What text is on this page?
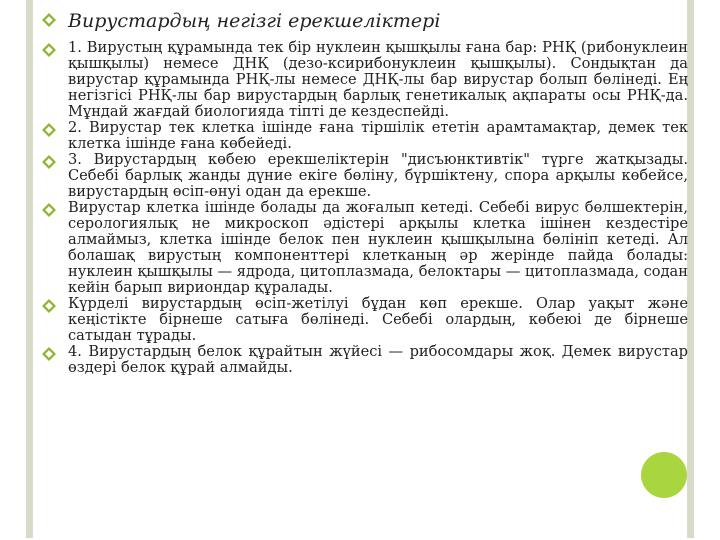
Вирустардың негізгі ерекшеліктері
1. Вирустың құрамында тек бір нуклеин қышқылы ғана бар: РНҚ (рибонуклеин қышқылы) немесе ДНҚ (дезо-ксирибонуклеин қышқылы). Сондықтан да вирустар құрамында РНҚ-лы немесе ДНҚ-лы бар вирустар болып бөлінеді. Ең негізгісі РНҚ-лы бар вирустардың барлық генетикалық ақпараты осы РНҚ-да. Мұндай жағдай биологияда тіпті де кездеспейді.
2. Вирустар тек клетка ішінде ғана тіршілік ететін арамтамақтар, демек тек клетка ішінде ғана көбейеді.
3. Вирустардың көбею ерекшеліктерін "дисъюнктивтік" түрге жатқызады. Себебі барлық жанды дүние екіге бөліну, бүршіктену, спора арқылы көбейсе, вирустардың өсіп-өнуі одан да ерекше.
Вирустар клетка ішінде болады да жоғалып кетеді. Себебі вирус бөлшектерін, серологиялық не микроскоп әдістері арқылы клетка ішінен кездестіре алмаймыз, клетка ішінде белок пен нуклеин қышқылына бөлініп кетеді. Ал болашақ вирустың компоненттері клетканың әр жерінде пайда болады: нуклеин қышқылы — ядрода, цитоплазмада, белоктары — цитоплазмада, содан кейін барып вириондар құралады.
Күрделі вирустардың өсіп-жетілуі бұдан көп ерекше. Олар уақыт және кеңістікте бірнеше сатыға бөлінеді. Себебі олардың, көбеюі де бірнеше сатыдан тұрады.
4. Вирустардың белок құрайтын жүйесі — рибосомдары жоқ. Демек вирустар өздері белок құрай алмайды.
